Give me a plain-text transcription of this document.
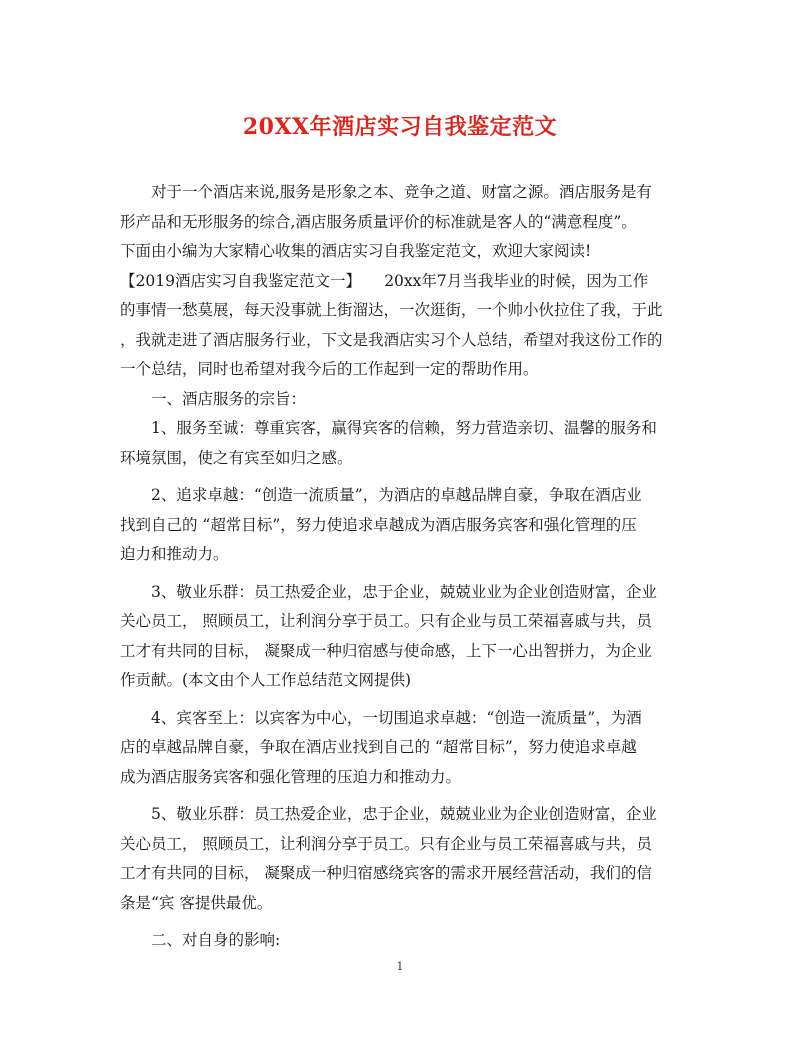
20XX年酒店实习自我鉴定范文
对于一个酒店来说,服务是形象之本、竞争之道、财富之源。酒店服务是有
形产品和无形服务的综合,酒店服务质量评价的标准就是客人的“满意程度”。
下面由小编为大家精心收集的酒店实习自我鉴定范文，欢迎大家阅读!
【2019酒店实习自我鉴定范文一】　　20xx年7月当我毕业的时候，因为工作
的事情一愁莫展，每天没事就上街溜达，一次逛街，一个帅小伙拉住了我，于此
，我就走进了酒店服务行业，下文是我酒店实习个人总结，希望对我这份工作的
一个总结，同时也希望对我今后的工作起到一定的帮助作用。
一、酒店服务的宗旨：
1、服务至诚：尊重宾客，赢得宾客的信赖，努力营造亲切、温馨的服务和
环境氛围，使之有宾至如归之感。
2、追求卓越：“创造一流质量”，为酒店的卓越品牌自豪，争取在酒店业
找到自己的 “超常目标”，努力使追求卓越成为酒店服务宾客和强化管理的压
迫力和推动力。
3、敬业乐群：员工热爱企业，忠于企业，兢兢业业为企业创造财富，企业
关心员工， 照顾员工，让利润分享于员工。只有企业与员工荣福喜戚与共，员
工才有共同的目标， 凝聚成一种归宿感与使命感，上下一心出智拼力，为企业
作贡献。(本文由个人工作总结范文网提供)
4、宾客至上：以宾客为中心，一切围追求卓越：“创造一流质量”，为酒
店的卓越品牌自豪，争取在酒店业找到自己的 “超常目标”，努力使追求卓越
成为酒店服务宾客和强化管理的压迫力和推动力。
5、敬业乐群：员工热爱企业，忠于企业，兢兢业业为企业创造财富，企业
关心员工， 照顾员工，让利润分享于员工。只有企业与员工荣福喜戚与共，员
工才有共同的目标， 凝聚成一种归宿感绕宾客的需求开展经营活动，我们的信
条是“宾 客提供最优。
二、对自身的影响:
1
